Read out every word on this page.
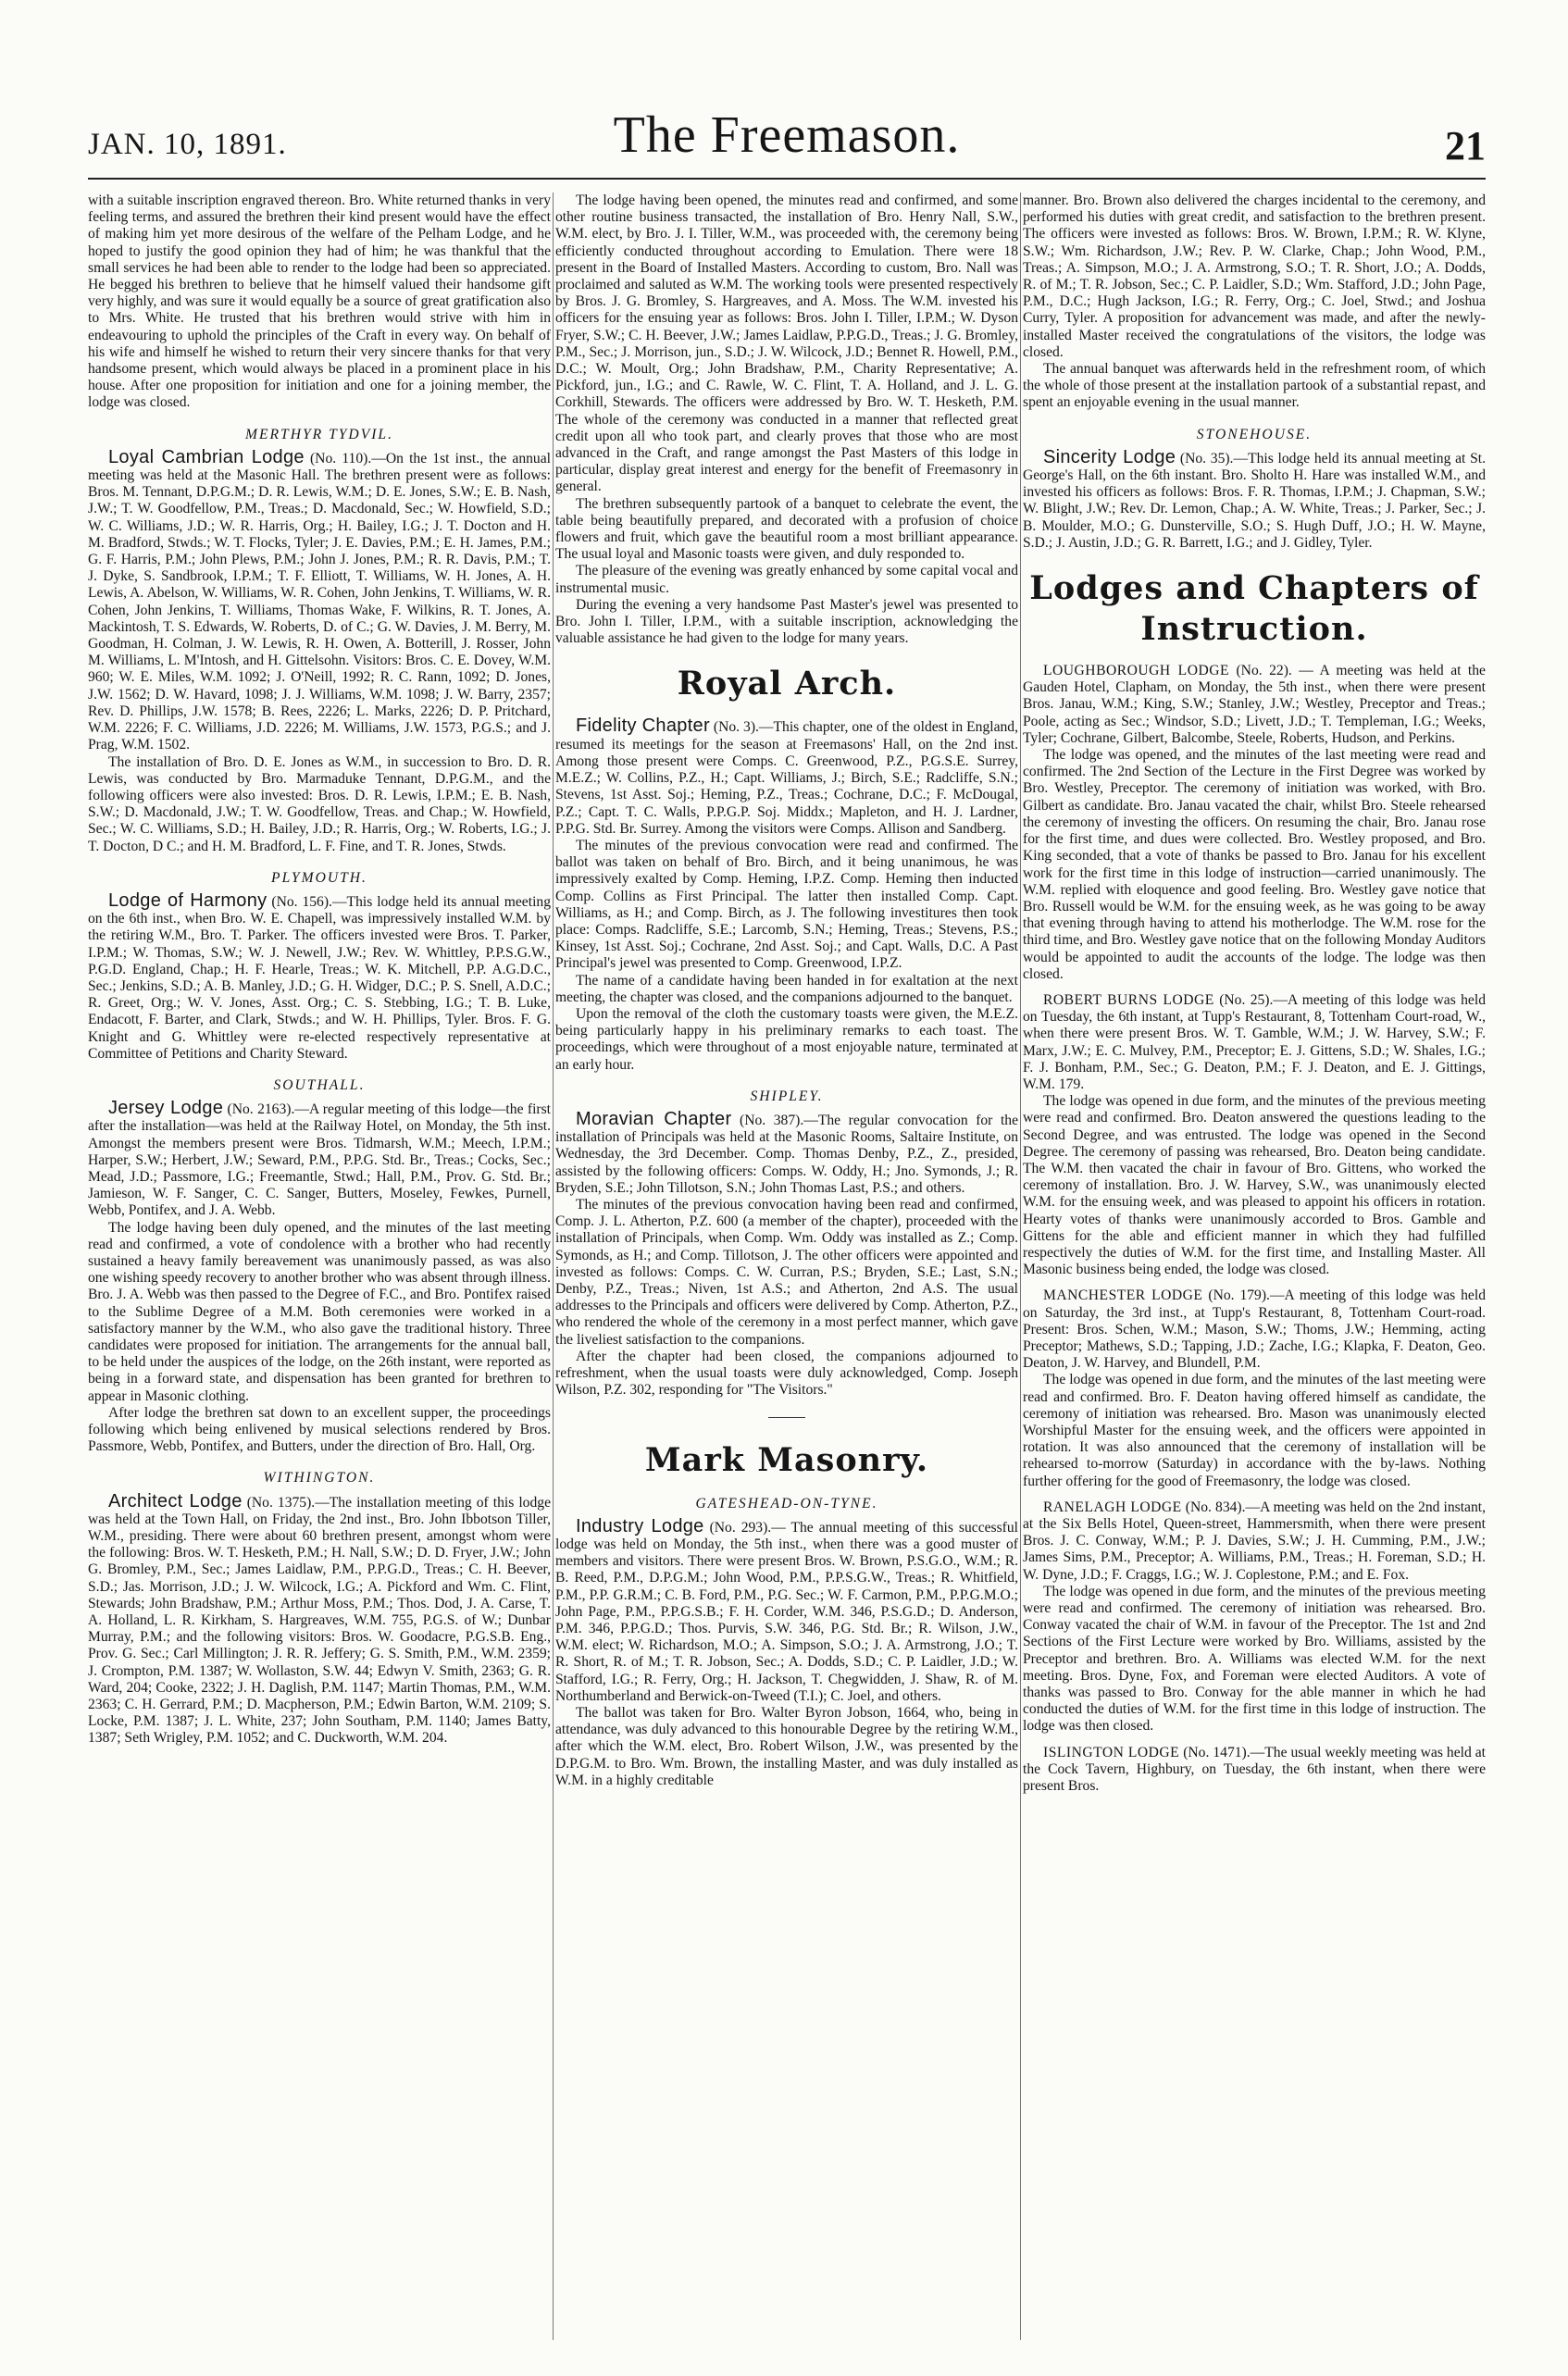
JAN. 10, 1891.	The Freemason.	21

with a suitable inscription engraved thereon. Bro. White returned thanks in very feeling terms, and assured the brethren their kind present would have the effect of making him yet more desirous of the welfare of the Pelham Lodge, and he hoped to justify the good opinion they had of him; he was thankful that the small services he had been able to render to the lodge had been so appreciated. He begged his brethren to believe that he himself valued their handsome gift very highly, and was sure it would equally be a source of great gratification also to Mrs. White. He trusted that his brethren would strive with him in endeavouring to uphold the principles of the Craft in every way. On behalf of his wife and himself he wished to return their very sincere thanks for that very handsome present, which would always be placed in a prominent place in his house. After one proposition for initiation and one for a joining member, the lodge was closed.

MERTHYR TYDVIL.

Loyal Cambrian Lodge (No. 110).—On the 1st inst., the annual meeting was held at the Masonic Hall. The brethren present were as follows: Bros. M. Tennant, D.P.G.M.; D. R. Lewis, W.M.; D. E. Jones, S.W.; E. B. Nash, J.W.; T. W. Goodfellow, P.M., Treas.; D. Macdonald, Sec.; W. Howfield, S.D.; W. C. Williams, J.D.; W. R. Harris, Org.; H. Bailey, I.G.; J. T. Docton and H. M. Bradford, Stwds.; W. T. Flocks, Tyler; J. E. Davies, P.M.; E. H. James, P.M.; G. F. Harris, P.M.; John Plews, P.M.; John J. Jones, P.M.; R. R. Davis, P.M.; T. J. Dyke, S. Sandbrook, I.P.M.; T. F. Elliott, T. Williams, W. H. Jones, A. H. Lewis, A. Abelson, W. Williams, W. R. Cohen, John Jenkins, T. Williams, W. R. Cohen, John Jenkins, T. Williams, Thomas Wake, F. Wilkins, R. T. Jones, A. Mackintosh, T. S. Edwards, W. Roberts, D. of C.; G. W. Davies, J. M. Berry, M. Goodman, H. Colman, J. W. Lewis, R. H. Owen, A. Botterill, J. Rosser, John M. Williams, L. M'Intosh, and H. Gittelsohn. Visitors: Bros. C. E. Dovey, W.M. 960; W. E. Miles, W.M. 1092; J. O'Neill, 1992; R. C. Rann, 1092; D. Jones, J.W. 1562; D. W. Havard, 1098; J. J. Williams, W.M. 1098; J. W. Barry, 2357; Rev. D. Phillips, J.W. 1578; B. Rees, 2226; L. Marks, 2226; D. P. Pritchard, W.M. 2226; F. C. Williams, J.D. 2226; M. Williams, J.W. 1573, P.G.S.; and J. Prag, W.M. 1502.

The installation of Bro. D. E. Jones as W.M., in succession to Bro. D. R. Lewis, was conducted by Bro. Marmaduke Tennant, D.P.G.M., and the following officers were also invested: Bros. D. R. Lewis, I.P.M.; E. B. Nash, S.W.; D. Macdonald, J.W.; T. W. Goodfellow, Treas. and Chap.; W. Howfield, Sec.; W. C. Williams, S.D.; H. Bailey, J.D.; R. Harris, Org.; W. Roberts, I.G.; J. T. Docton, D C.; and H. M. Bradford, L. F. Fine, and T. R. Jones, Stwds.

PLYMOUTH.

Lodge of Harmony (No. 156).—This lodge held its annual meeting on the 6th inst., when Bro. W. E. Chapell, was impressively installed W.M. by the retiring W.M., Bro. T. Parker. The officers invested were Bros. T. Parker, I.P.M.; W. Thomas, S.W.; W. J. Newell, J.W.; Rev. W. Whittley, P.P.S.G.W., P.G.D. England, Chap.; H. F. Hearle, Treas.; W. K. Mitchell, P.P. A.G.D.C., Sec.; Jenkins, S.D.; A. B. Manley, J.D.; G. H. Widger, D.C.; P. S. Snell, A.D.C.; R. Greet, Org.; W. V. Jones, Asst. Org.; C. S. Stebbing, I.G.; T. B. Luke, Endacott, F. Barter, and Clark, Stwds.; and W. H. Phillips, Tyler. Bros. F. G. Knight and G. Whittley were re-elected respectively representative at Committee of Petitions and Charity Steward.

SOUTHALL.

Jersey Lodge (No. 2163).—A regular meeting of this lodge—the first after the installation—was held at the Railway Hotel, on Monday, the 5th inst. Amongst the members present were Bros. Tidmarsh, W.M.; Meech, I.P.M.; Harper, S.W.; Herbert, J.W.; Seward, P.M., P.P.G. Std. Br., Treas.; Cocks, Sec.; Mead, J.D.; Passmore, I.G.; Freemantle, Stwd.; Hall, P.M., Prov. G. Std. Br.; Jamieson, W. F. Sanger, C. C. Sanger, Butters, Moseley, Fewkes, Purnell, Webb, Pontifex, and J. A. Webb.

The lodge having been duly opened, and the minutes of the last meeting read and confirmed, a vote of condolence with a brother who had recently sustained a heavy family bereavement was unanimously passed, as was also one wishing speedy recovery to another brother who was absent through illness. Bro. J. A. Webb was then passed to the Degree of F.C., and Bro. Pontifex raised to the Sublime Degree of a M.M. Both ceremonies were worked in a satisfactory manner by the W.M., who also gave the traditional history. Three candidates were proposed for initiation. The arrangements for the annual ball, to be held under the auspices of the lodge, on the 26th instant, were reported as being in a forward state, and dispensation has been granted for brethren to appear in Masonic clothing.

After lodge the brethren sat down to an excellent supper, the proceedings following which being enlivened by musical selections rendered by Bros. Passmore, Webb, Pontifex, and Butters, under the direction of Bro. Hall, Org.

WITHINGTON.

Architect Lodge (No. 1375).—The installation meeting of this lodge was held at the Town Hall, on Friday, the 2nd inst., Bro. John Ibbotson Tiller, W.M., presiding. There were about 60 brethren present, amongst whom were the following: Bros. W. T. Hesketh, P.M.; H. Nall, S.W.; D. D. Fryer, J.W.; John G. Bromley, P.M., Sec.; James Laidlaw, P.M., P.P.G.D., Treas.; C. H. Beever, S.D.; Jas. Morrison, J.D.; J. W. Wilcock, I.G.; A. Pickford and Wm. C. Flint, Stewards; John Bradshaw, P.M.; Arthur Moss, P.M.; Thos. Dod, J. A. Carse, T. A. Holland, L. R. Kirkham, S. Hargreaves, W.M. 755, P.G.S. of W.; Dunbar Murray, P.M.; and the following visitors: Bros. W. Goodacre, P.G.S.B. Eng., Prov. G. Sec.; Carl Millington; J. R. R. Jeffery; G. S. Smith, P.M., W.M. 2359; J. Crompton, P.M. 1387; W. Wollaston, S.W. 44; Edwyn V. Smith, 2363; G. R. Ward, 204; Cooke, 2322; J. H. Daglish, P.M. 1147; Martin Thomas, P.M., W.M. 2363; C. H. Gerrard, P.M.; D. Macpherson, P.M.; Edwin Barton, W.M. 2109; S. Locke, P.M. 1387; J. L. White, 237; John Southam, P.M. 1140; James Batty, 1387; Seth Wrigley, P.M. 1052; and C. Duckworth, W.M. 204.

The lodge having been opened, the minutes read and confirmed, and some other routine business transacted, the installation of Bro. Henry Nall, S.W., W.M. elect, by Bro. J. I. Tiller, W.M., was proceeded with, the ceremony being efficiently conducted throughout according to Emulation. There were 18 present in the Board of Installed Masters. According to custom, Bro. Nall was proclaimed and saluted as W.M. The working tools were presented respectively by Bros. J. G. Bromley, S. Hargreaves, and A. Moss. The W.M. invested his officers for the ensuing year as follows: Bros. John I. Tiller, I.P.M.; W. Dyson Fryer, S.W.; C. H. Beever, J.W.; James Laidlaw, P.P.G.D., Treas.; J. G. Bromley, P.M., Sec.; J. Morrison, jun., S.D.; J. W. Wilcock, J.D.; Bennet R. Howell, P.M., D.C.; W. Moult, Org.; John Bradshaw, P.M., Charity Representative; A. Pickford, jun., I.G.; and C. Rawle, W. C. Flint, T. A. Holland, and J. L. G. Corkhill, Stewards. The officers were addressed by Bro. W. T. Hesketh, P.M. The whole of the ceremony was conducted in a manner that reflected great credit upon all who took part, and clearly proves that those who are most advanced in the Craft, and range amongst the Past Masters of this lodge in particular, display great interest and energy for the benefit of Freemasonry in general.

The brethren subsequently partook of a banquet to celebrate the event, the table being beautifully prepared, and decorated with a profusion of choice flowers and fruit, which gave the beautiful room a most brilliant appearance. The usual loyal and Masonic toasts were given, and duly responded to.

The pleasure of the evening was greatly enhanced by some capital vocal and instrumental music.

During the evening a very handsome Past Master's jewel was presented to Bro. John I. Tiller, I.P.M., with a suitable inscription, acknowledging the valuable assistance he had given to the lodge for many years.

Royal Arch.

Fidelity Chapter (No. 3).—This chapter, one of the oldest in England, resumed its meetings for the season at Freemasons' Hall, on the 2nd inst. Among those present were Comps. C. Greenwood, P.Z., P.G.S.E. Surrey, M.E.Z.; W. Collins, P.Z., H.; Capt. Williams, J.; Birch, S.E.; Radcliffe, S.N.; Stevens, 1st Asst. Soj.; Heming, P.Z., Treas.; Cochrane, D.C.; F. McDougal, P.Z.; Capt. T. C. Walls, P.P.G.P. Soj. Middx.; Mapleton, and H. J. Lardner, P.P.G. Std. Br. Surrey. Among the visitors were Comps. Allison and Sandberg.

The minutes of the previous convocation were read and confirmed. The ballot was taken on behalf of Bro. Birch, and it being unanimous, he was impressively exalted by Comp. Heming, I.P.Z. Comp. Heming then inducted Comp. Collins as First Principal. The latter then installed Comp. Capt. Williams, as H.; and Comp. Birch, as J. The following investitures then took place: Comps. Radcliffe, S.E.; Larcomb, S.N.; Heming, Treas.; Stevens, P.S.; Kinsey, 1st Asst. Soj.; Cochrane, 2nd Asst. Soj.; and Capt. Walls, D.C. A Past Principal's jewel was presented to Comp. Greenwood, I.P.Z.

The name of a candidate having been handed in for exaltation at the next meeting, the chapter was closed, and the companions adjourned to the banquet.

Upon the removal of the cloth the customary toasts were given, the M.E.Z. being particularly happy in his preliminary remarks to each toast. The proceedings, which were throughout of a most enjoyable nature, terminated at an early hour.

SHIPLEY.

Moravian Chapter (No. 387).—The regular convocation for the installation of Principals was held at the Masonic Rooms, Saltaire Institute, on Wednesday, the 3rd December. Comp. Thomas Denby, P.Z., Z., presided, assisted by the following officers: Comps. W. Oddy, H.; Jno. Symonds, J.; R. Bryden, S.E.; John Tillotson, S.N.; John Thomas Last, P.S.; and others.

The minutes of the previous convocation having been read and confirmed, Comp. J. L. Atherton, P.Z. 600 (a member of the chapter), proceeded with the installation of Principals, when Comp. Wm. Oddy was installed as Z.; Comp. Symonds, as H.; and Comp. Tillotson, J. The other officers were appointed and invested as follows: Comps. C. W. Curran, P.S.; Bryden, S.E.; Last, S.N.; Denby, P.Z., Treas.; Niven, 1st A.S.; and Atherton, 2nd A.S. The usual addresses to the Principals and officers were delivered by Comp. Atherton, P.Z., who rendered the whole of the ceremony in a most perfect manner, which gave the liveliest satisfaction to the companions.

After the chapter had been closed, the companions adjourned to refreshment, when the usual toasts were duly acknowledged, Comp. Joseph Wilson, P.Z. 302, responding for "The Visitors."

Mark Masonry.
GATESHEAD-ON-TYNE.

Industry Lodge (No. 293).— The annual meeting of this successful lodge was held on Monday, the 5th inst., when there was a good muster of members and visitors. There were present Bros. W. Brown, P.S.G.O., W.M.; R. B. Reed, P.M., D.P.G.M.; John Wood, P.M., P.P.S.G.W., Treas.; R. Whitfield, P.M., P.P. G.R.M.; C. B. Ford, P.M., P.G. Sec.; W. F. Carmon, P.M., P.P.G.M.O.; John Page, P.M., P.P.G.S.B.; F. H. Corder, W.M. 346, P.S.G.D.; D. Anderson, P.M. 346, P.P.G.D.; Thos. Purvis, S.W. 346, P.G. Std. Br.; R. Wilson, J.W., W.M. elect; W. Richardson, M.O.; A. Simpson, S.O.; J. A. Armstrong, J.O.; T. R. Short, R. of M.; T. R. Jobson, Sec.; A. Dodds, S.D.; C. P. Laidler, J.D.; W. Stafford, I.G.; R. Ferry, Org.; H. Jackson, T. Chegwidden, J. Shaw, R. of M. Northumberland and Berwick-on-Tweed (T.I.); C. Joel, and others.

The ballot was taken for Bro. Walter Byron Jobson, 1664, who, being in attendance, was duly advanced to this honourable Degree by the retiring W.M., after which the W.M. elect, Bro. Robert Wilson, J.W., was presented by the D.P.G.M. to Bro. Wm. Brown, the installing Master, and was duly installed as W.M. in a highly creditable

manner. Bro. Brown also delivered the charges incidental to the ceremony, and performed his duties with great credit, and satisfaction to the brethren present. The officers were invested as follows: Bros. W. Brown, I.P.M.; R. W. Klyne, S.W.; Wm. Richardson, J.W.; Rev. P. W. Clarke, Chap.; John Wood, P.M., Treas.; A. Simpson, M.O.; J. A. Armstrong, S.O.; T. R. Short, J.O.; A. Dodds, R. of M.; T. R. Jobson, Sec.; C. P. Laidler, S.D.; Wm. Stafford, J.D.; John Page, P.M., D.C.; Hugh Jackson, I.G.; R. Ferry, Org.; C. Joel, Stwd.; and Joshua Curry, Tyler. A proposition for advancement was made, and after the newly-installed Master received the congratulations of the visitors, the lodge was closed.

The annual banquet was afterwards held in the refreshment room, of which the whole of those present at the installation partook of a substantial repast, and spent an enjoyable evening in the usual manner.

STONEHOUSE.

Sincerity Lodge (No. 35).—This lodge held its annual meeting at St. George's Hall, on the 6th instant. Bro. Sholto H. Hare was installed W.M., and invested his officers as follows: Bros. F. R. Thomas, I.P.M.; J. Chapman, S.W.; W. Blight, J.W.; Rev. Dr. Lemon, Chap.; A. W. White, Treas.; J. Parker, Sec.; J. B. Moulder, M.O.; G. Dunsterville, S.O.; S. Hugh Duff, J.O.; H. W. Mayne, S.D.; J. Austin, J.D.; G. R. Barrett, I.G.; and J. Gidley, Tyler.

Lodges and Chapters of Instruction.

LOUGHBOROUGH LODGE (No. 22). — A meeting was held at the Gauden Hotel, Clapham, on Monday, the 5th inst., when there were present Bros. Janau, W.M.; King, S.W.; Stanley, J.W.; Westley, Preceptor and Treas.; Poole, acting as Sec.; Windsor, S.D.; Livett, J.D.; T. Templeman, I.G.; Weeks, Tyler; Cochrane, Gilbert, Balcombe, Steele, Roberts, Hudson, and Perkins.

The lodge was opened, and the minutes of the last meeting were read and confirmed. The 2nd Section of the Lecture in the First Degree was worked by Bro. Westley, Preceptor. The ceremony of initiation was worked, with Bro. Gilbert as candidate. Bro. Janau vacated the chair, whilst Bro. Steele rehearsed the ceremony of investing the officers. On resuming the chair, Bro. Janau rose for the first time, and dues were collected. Bro. Westley proposed, and Bro. King seconded, that a vote of thanks be passed to Bro. Janau for his excellent work for the first time in this lodge of instruction—carried unanimously. The W.M. replied with eloquence and good feeling. Bro. Westley gave notice that Bro. Russell would be W.M. for the ensuing week, as he was going to be away that evening through having to attend his motherlodge. The W.M. rose for the third time, and Bro. Westley gave notice that on the following Monday Auditors would be appointed to audit the accounts of the lodge. The lodge was then closed.

ROBERT BURNS LODGE (No. 25).—A meeting of this lodge was held on Tuesday, the 6th instant, at Tupp's Restaurant, 8, Tottenham Court-road, W., when there were present Bros. W. T. Gamble, W.M.; J. W. Harvey, S.W.; F. Marx, J.W.; E. C. Mulvey, P.M., Preceptor; E. J. Gittens, S.D.; W. Shales, I.G.; F. J. Bonham, P.M., Sec.; G. Deaton, P.M.; F. J. Deaton, and E. J. Gittings, W.M. 179.

The lodge was opened in due form, and the minutes of the previous meeting were read and confirmed. Bro. Deaton answered the questions leading to the Second Degree, and was entrusted. The lodge was opened in the Second Degree. The ceremony of passing was rehearsed, Bro. Deaton being candidate. The W.M. then vacated the chair in favour of Bro. Gittens, who worked the ceremony of installation. Bro. J. W. Harvey, S.W., was unanimously elected W.M. for the ensuing week, and was pleased to appoint his officers in rotation. Hearty votes of thanks were unanimously accorded to Bros. Gamble and Gittens for the able and efficient manner in which they had fulfilled respectively the duties of W.M. for the first time, and Installing Master. All Masonic business being ended, the lodge was closed.

MANCHESTER LODGE (No. 179).—A meeting of this lodge was held on Saturday, the 3rd inst., at Tupp's Restaurant, 8, Tottenham Court-road. Present: Bros. Schen, W.M.; Mason, S.W.; Thoms, J.W.; Hemming, acting Preceptor; Mathews, S.D.; Tapping, J.D.; Zache, I.G.; Klapka, F. Deaton, Geo. Deaton, J. W. Harvey, and Blundell, P.M.

The lodge was opened in due form, and the minutes of the last meeting were read and confirmed. Bro. F. Deaton having offered himself as candidate, the ceremony of initiation was rehearsed. Bro. Mason was unanimously elected Worshipful Master for the ensuing week, and the officers were appointed in rotation. It was also announced that the ceremony of installation will be rehearsed to-morrow (Saturday) in accordance with the by-laws. Nothing further offering for the good of Freemasonry, the lodge was closed.

RANELAGH LODGE (No. 834).—A meeting was held on the 2nd instant, at the Six Bells Hotel, Queen-street, Hammersmith, when there were present Bros. J. C. Conway, W.M.; P. J. Davies, S.W.; J. H. Cumming, P.M., J.W.; James Sims, P.M., Preceptor; A. Williams, P.M., Treas.; H. Foreman, S.D.; H. W. Dyne, J.D.; F. Craggs, I.G.; W. J. Coplestone, P.M.; and E. Fox.

The lodge was opened in due form, and the minutes of the previous meeting were read and confirmed. The ceremony of initiation was rehearsed. Bro. Conway vacated the chair of W.M. in favour of the Preceptor. The 1st and 2nd Sections of the First Lecture were worked by Bro. Williams, assisted by the Preceptor and brethren. Bro. A. Williams was elected W.M. for the next meeting. Bros. Dyne, Fox, and Foreman were elected Auditors. A vote of thanks was passed to Bro. Conway for the able manner in which he had conducted the duties of W.M. for the first time in this lodge of instruction. The lodge was then closed.

ISLINGTON LODGE (No. 1471).—The usual weekly meeting was held at the Cock Tavern, Highbury, on Tuesday, the 6th instant, when there were present Bros.
